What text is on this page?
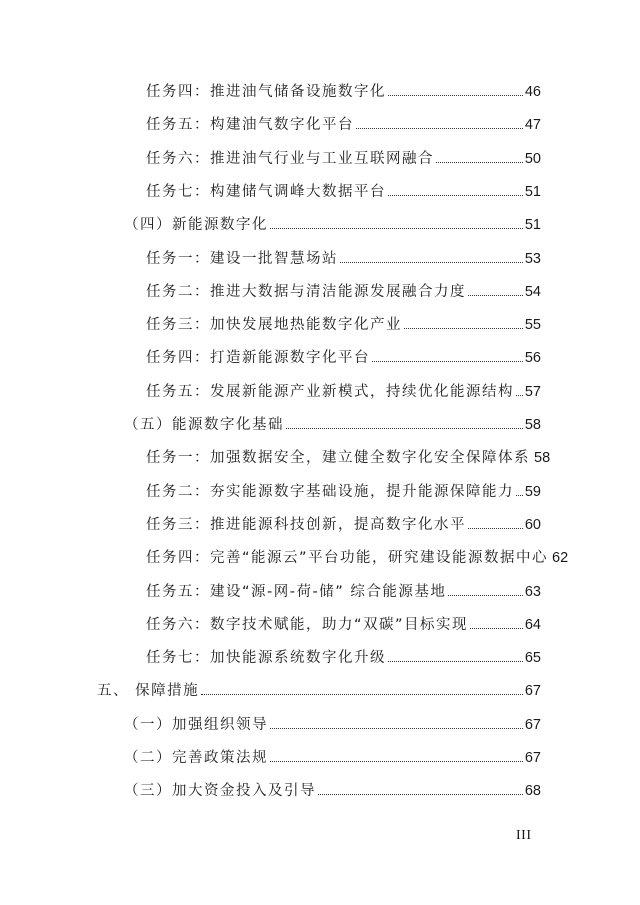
任务四：推进油气储备设施数字化	46
任务五：构建油气数字化平台	47
任务六：推进油气行业与工业互联网融合	50
任务七：构建储气调峰大数据平台	51
（四）新能源数字化	51
任务一：建设一批智慧场站	53
任务二：推进大数据与清洁能源发展融合力度	54
任务三：加快发展地热能数字化产业	55
任务四：打造新能源数字化平台	56
任务五：发展新能源产业新模式，持续优化能源结构 57
（五）能源数字化基础	58
任务一：加强数据安全，建立健全数字化安全保障体系 58
任务二：夯实能源数字基础设施，提升能源保障能力 59
任务三：推进能源科技创新，提高数字化水平	60
任务四：完善“能源云”平台功能，研究建设能源数据中心 62
任务五：建设“源-网-荷-储” 综合能源基地	63
任务六：数字技术赋能，助力“双碳”目标实现	64
任务七：加快能源系统数字化升级	65
五、 保障措施	67
（一）加强组织领导	67
（二）完善政策法规	67
（三）加大资金投入及引导	68
III
